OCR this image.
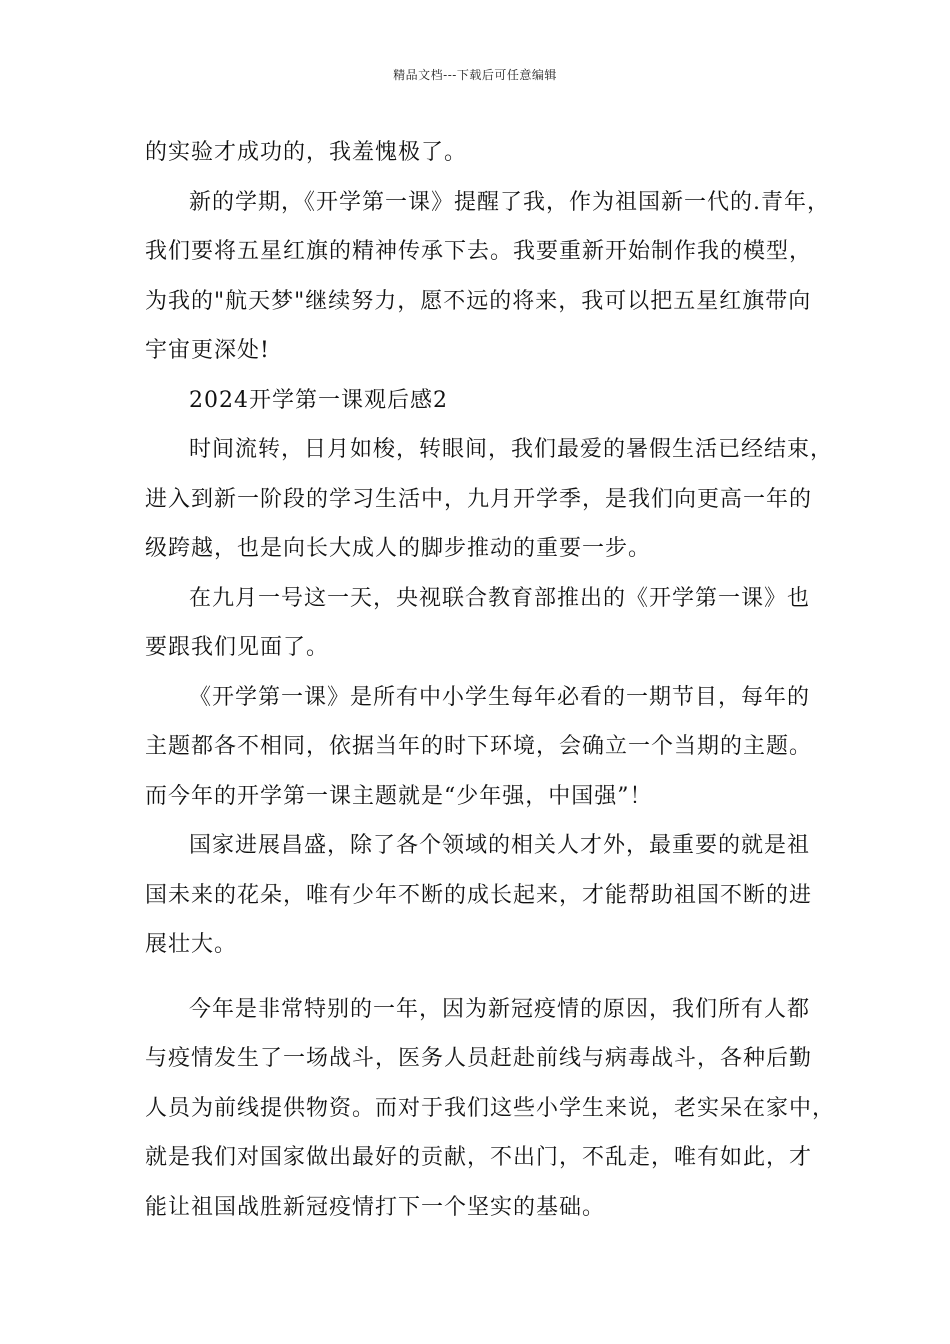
精品文档---下载后可任意编辑
的实验才成功的，我羞愧极了。
新的学期，《开学第一课》提醒了我，作为祖国新一代的.青年，
我们要将五星红旗的精神传承下去。我要重新开始制作我的模型，
为我的"航天梦"继续努力，愿不远的将来，我可以把五星红旗带向
宇宙更深处!
2024开学第一课观后感2
时间流转，日月如梭，转眼间，我们最爱的暑假生活已经结束，
进入到新一阶段的学习生活中，九月开学季，是我们向更高一年的
级跨越，也是向长大成人的脚步推动的重要一步。
在九月一号这一天，央视联合教育部推出的《开学第一课》也
要跟我们见面了。
《开学第一课》是所有中小学生每年必看的一期节目，每年的
主题都各不相同，依据当年的时下环境，会确立一个当期的主题。
而今年的开学第一课主题就是“少年强，中国强”！
国家进展昌盛，除了各个领域的相关人才外，最重要的就是祖
国未来的花朵，唯有少年不断的成长起来，才能帮助祖国不断的进
展壮大。
今年是非常特别的一年，因为新冠疫情的原因，我们所有人都
与疫情发生了一场战斗，医务人员赶赴前线与病毒战斗，各种后勤
人员为前线提供物资。而对于我们这些小学生来说，老实呆在家中，
就是我们对国家做出最好的贡献，不出门，不乱走，唯有如此，才
能让祖国战胜新冠疫情打下一个坚实的基础。
